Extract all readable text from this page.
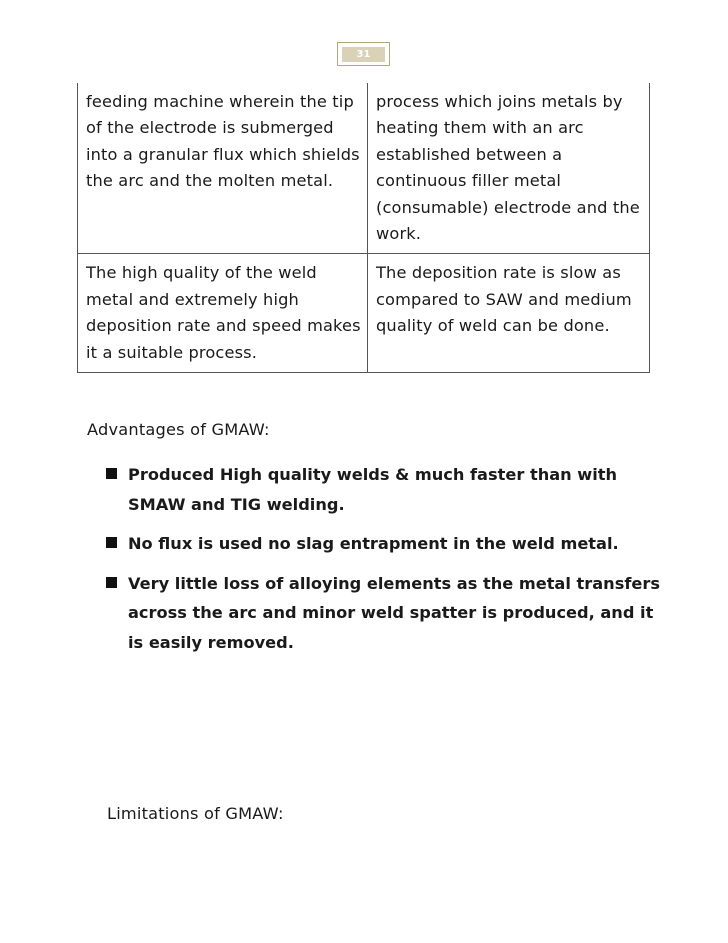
31
feeding machine wherein the tip of the electrode is submerged into a granular flux which shields the arc and the molten metal.	process which joins metals by heating them with an arc established between a continuous filler metal (consumable) electrode and the work.
The high quality of the weld metal and extremely high deposition rate and speed makes it a suitable process.	The deposition rate is slow as compared to SAW and medium quality of weld can be done.
Advantages of GMAW:
Produced High quality welds & much faster than with SMAW and TIG welding.
No flux is used no slag entrapment in the weld metal.
Very little loss of alloying elements as the metal transfers across the arc and minor weld spatter is produced, and it is easily removed.
Limitations of GMAW:
